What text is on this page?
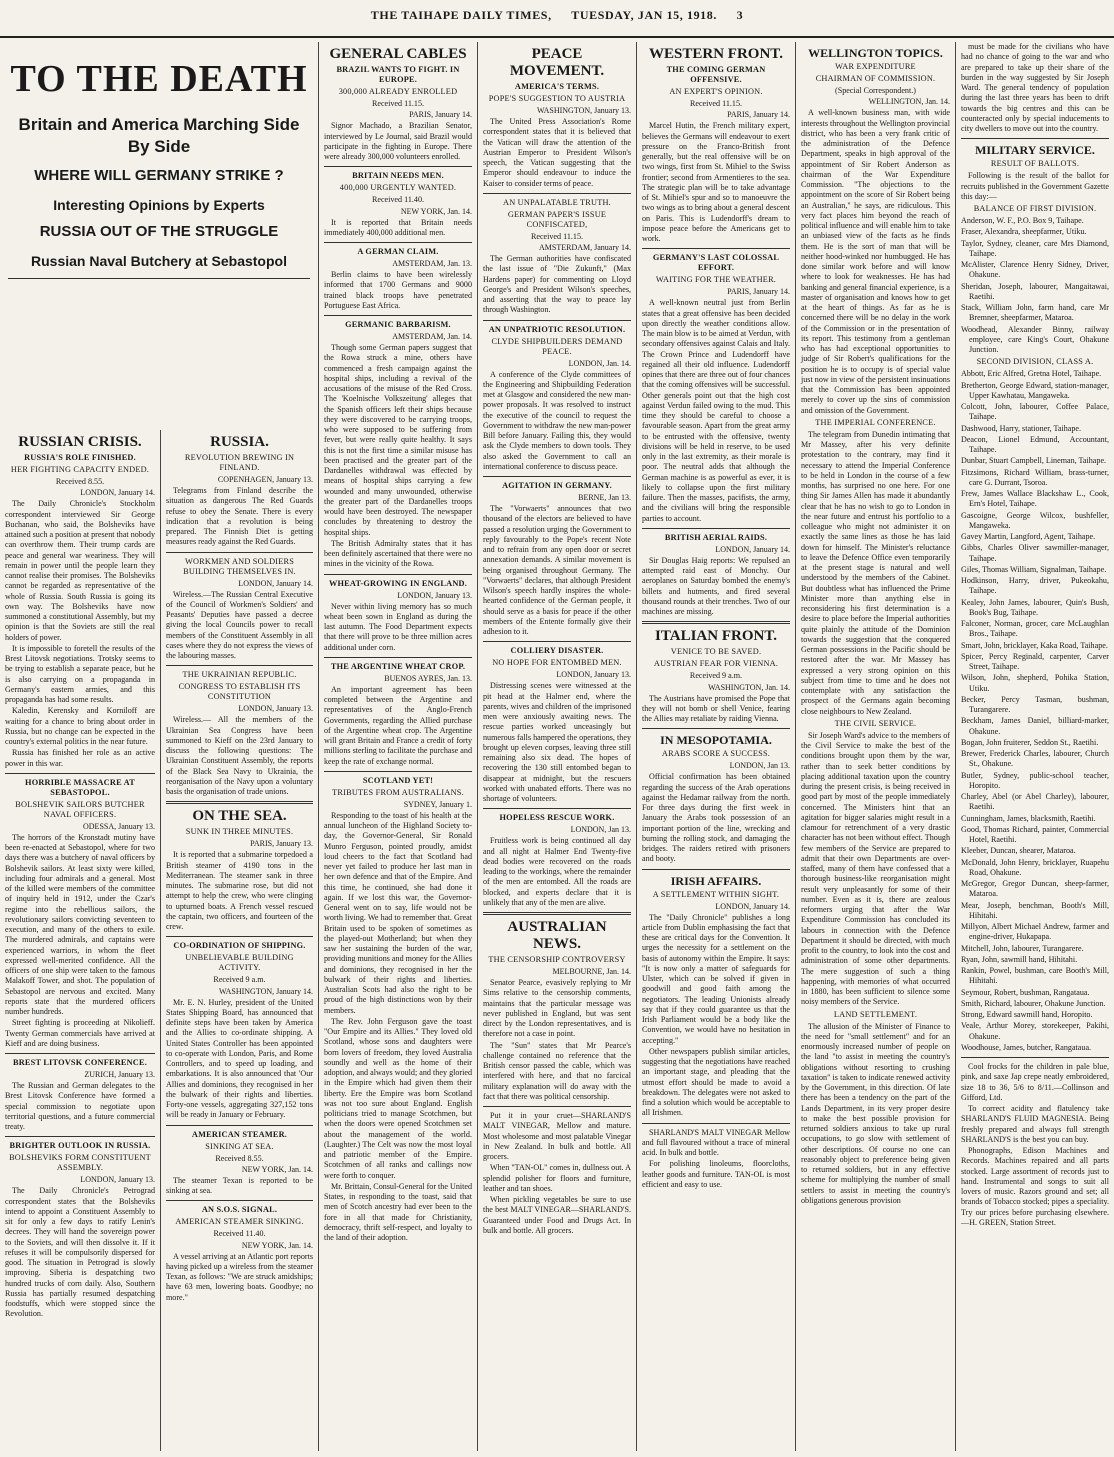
THE TAIHAPE DAILY TIMES, TUESDAY, JAN 15, 1918. 3
TO THE DEATH
Britain and America Marching Side By Side
WHERE WILL GERMANY STRIKE ?
Interesting Opinions by Experts
RUSSIA OUT OF THE STRUGGLE
Russian Naval Butchery at Sebastopol
RUSSIAN CRISIS.
RUSSIA'S ROLE FINISHED.
HER FIGHTING CAPACITY ENDED.
Received 8.55.
LONDON, January 14.

The Daily Chronicle's Stockholm correspondent interviewed Sir George Buchanan, who said, the Bolsheviks have attained such a position at present that nobody can overthrow them. Their trump cards are peace and general war weariness. They will remain in power until the people learn they cannot realise their promises. The Bolsheviks cannot be regarded as representative of the whole of Russia. South Russia is going its own way. The Bolsheviks have now summoned a constitutional Assembly, but my opinion is that the Soviets are still the real holders of power.

It is impossible to foretell the results of the Brest Litovsk negotiations. Trotsky seems to be trying to establish a separate peace, but he is also carrying on a propaganda in Germany's eastern armies, and this propaganda has had some results.

Kaledin, Kerensky and Korniloff are waiting for a chance to bring about order in Russia, but no change can be expected in the country's external politics in the near future.

Russia has finished her role as an active power in this war.

HORRIBLE MASSACRE AT SEBASTOPOL.
BOLSHEVIK SAILORS BUTCHER NAVAL OFFICERS.
ODESSA, January 13.

The horrors of the Kronstadt mutiny have been re-enacted at Sebastopol, where for two days there was a butchery of naval officers by Bolshevik sailors. At least sixty were killed, including four admirals and a general. Most of the killed were members of the committee of inquiry held in 1912, under the Czar's regime into the rebellious sailors, the revolutionary sailors convicting seventeen to execution, and many of the others to exile. The murdered admirals, and captains were experienced warriors, in whom the fleet expressed well-merited confidence. All the officers of one ship were taken to the famous Malakoff Tower, and shot. The population of Sebastopol are nervous and excited. Many reports state that the murdered officers number hundreds.

Street fighting is proceeding at Nikolieff. Twenty German commercials have arrived at Kieff and are doing business.

BREST LITOVSK CONFERENCE.
ZURICH, January 13.

The Russian and German delegates to the Brest Litovsk Conference have formed a special commission to negotiate upon territorial questions, and a future commercial treaty.

BRIGHTER OUTLOOK IN RUSSIA.
BOLSHEVIKS FORM CONSTITUENT ASSEMBLY.
LONDON, January 13.

The Daily Chronicle's Petrograd correspondent states that the Bolsheviks intend to appoint a Constituent Assembly to sit for only a few days to ratify Lenin's decrees. They will hand the sovereign power to the Soviets, and will then dissolve it. If it refuses it will be compulsorily dispersed for good. The situation in Petrograd is slowly improving. Siberia is despatching two hundred trucks of corn daily. Also, Southern Russia has partially resumed despatching foodstuffs, which were stopped since the Revolution.

RUSSIA.
REVOLUTION BREWING IN FINLAND.
COPENHAGEN, January 13.

Telegrams from Finland describe the situation as dangerous The Red Guards refuse to obey the Senate. There is every indication that a revolution is being prepared. The Finnish Diet is getting measures ready against the Red Guards.

WORKMEN AND SOLDIERS BUILDING THEMSELVES IN.
LONDON, January 14.

Wireless.—The Russian Central Executive of the Council of Workmen's Soldiers' and Peasants' Deputies have passed a decree giving the local Councils power to recall members of the Constituent Assembly in all cases where they do not express the views of the labouring masses.

THE UKRAINIAN REPUBLIC.
CONGRESS TO ESTABLISH ITS CONSTITUTION
LONDON, January 13.

Wireless.— All the members of the Ukrainian Sea Congress have been summoned to Kieff on the 23rd January to discuss the following questions: The Ukrainian Constituent Assembly, the reports of the Black Sea Navy to Ukrainia, the reorganisation of the Navy upon a voluntary basis the organisation of trade unions.

ON THE SEA.
SUNK IN THREE MINUTES.
PARIS, January 13.

It is reported that a submarine torpedoed a British steamer of 4190 tons in the Mediterranean. The steamer sank in three minutes. The submarine rose, but did not attempt to help the crew, who were clinging to upturned boats. A French vessel rescued the captain, two officers, and fourteen of the crew.

CO-ORDINATION OF SHIPPING.
UNBELIEVABLE BUILDING ACTIVITY.
Received 9 a.m.
WASHINGTON, January 14.

Mr. E. N. Hurley, president of the United States Shipping Board, has announced that definite steps have been taken by America and the Allies to co-ordinate shipping. A United States Controller has been appointed to co-operate with London, Paris, and Rome Controllers, and to speed up loading, and embarkations. It is also announced that 'Our Allies and dominions, they recognised in her the bulwark of their rights and liberties. Forty-one vessels, aggregating 327,152 tons will be ready in January or February.

AMERICAN STEAMER.
SINKING AT SEA.
Received 8.55.
NEW YORK, Jan. 14.

The steamer Texan is reported to be sinking at sea.

AN S.O.S. SIGNAL.
AMERICAN STEAMER SINKING.
Received 11.40.
NEW YORK, Jan. 14.

A vessel arriving at an Atlantic port reports having picked up a wireless from the steamer Texan, as follows: "We are struck amidships; have 63 men, lowering boats. Goodbye; no more."

GENERAL CABLES
BRAZIL WANTS TO FIGHT. IN EUROPE.
300,000 ALREADY ENROLLED
Received 11.15.
PARIS, January 14.

Signor Machado, a Brazilian Senator, interviewed by Le Journal, said Brazil would participate in the fighting in Europe. There were already 300,000 volunteers enrolled.

BRITAIN NEEDS MEN.
400,000 URGENTLY WANTED.
Received 11.40.
NEW YORK, Jan. 14.

It is reported that Britain needs immediately 400,000 additional men.

A GERMAN CLAIM.
AMSTERDAM, Jan. 13.

Berlin claims to have been wirelessly informed that 1700 Germans and 9000 trained black troops have penetrated Portuguese East Africa.

GERMANIC BARBARISM.
AMSTERDAM, Jan. 14.

Though some German papers suggest that the Rowa struck a mine, others have commenced a fresh campaign against the hospital ships, including a revival of the accusations of the misuse of the Red Cross. The 'Koelnische Volkszeitung' alleges that the Spanish officers left their ships because they were discovered to be carrying troops, who were supposed to be suffering from fever, but were really quite healthy. It says this is not the first time a similar misuse has been practised and the greater part of the Dardanelles withdrawal was effected by means of hospital ships carrying a few wounded and many unwounded, otherwise the greater part of the Dardanelles troops would have been destroyed. The newspaper concludes by threatening to destroy the hospital ships.

The British Admiralty states that it has been definitely ascertained that there were no mines in the vicinity of the Rowa.

WHEAT-GROWING IN ENGLAND.
LONDON, January 13.

Never within living memory has so much wheat been sown in England as during the last autumn. The Food Department expects that there will prove to be three million acres additional under corn.

THE ARGENTINE WHEAT CROP.
BUENOS AYRES, Jan. 13.

An important agreement has been completed between the Argentine and representatives of the Anglo-French Governments, regarding the Allied purchase of the Argentine wheat crop. The Argentine will grant Britain and France a credit of forty millions sterling to facilitate the purchase and keep the rate of exchange normal.

SCOTLAND YET!
TRIBUTES FROM AUSTRALIANS.
SYDNEY, January 1.

Responding to the toast of his health at the annual luncheon of the Highland Society to-day, the Governor-General, Sir Ronald Munro Ferguson, pointed proudly, amidst loud cheers to the fact that Scotland had never yet failed to produce her last man in her own defence and that of the Empire. And this time, he continued, she had done it again. If we lost this war, the Governor-General went on to say, life would not be worth living. We had to remember that. Great Britain used to be spoken of sometimes as the played-out Motherland; but when they saw her sustaining the burden of the war, providing munitions and money for the Allies and dominions, they recognised in her the bulwark of their rights and liberties. Australian Scots had also the right to be proud of the high distinctions won by their members.

The Rev. John Ferguson gave the toast "Our Empire and its Allies." They loved old Scotland, whose sons and daughters were born lovers of freedom, they loved Australia soundly and well as the home of their adoption, and always would; and they gloried in the Empire which had given them their liberty. Ere the Empire was born Scotland was not too sure about England. English politicians tried to manage Scotchmen, but when the doors were opened Scotchmen set about the management of the world. (Laughter.) The Celt was now the most loyal and patriotic member of the Empire. Scotchmen of all ranks and callings now were forth to conquer.

Mr. Brittain, Consul-General for the United States, in responding to the toast, said that men of Scotch ancestry had ever been to the fore in all that made for Christianity, democracy, thrift self-respect, and loyalty to the land of their adoption.

PEACE MOVEMENT.
AMERICA'S TERMS.
POPE'S SUGGESTION TO AUSTRIA
WASHINGTON, January 13.

The United Press Association's Rome correspondent states that it is believed that the Vatican will draw the attention of the Austrian Emperor to President Wilson's speech, the Vatican suggesting that the Emperor should endeavour to induce the Kaiser to consider terms of peace.

AN UNPALATABLE TRUTH.
GERMAN PAPER'S ISSUE CONFISCATED,
Received 11.15.
AMSTERDAM, January 14.

The German authorities have confiscated the last issue of "Die Zukunft," (Max Hardens paper) for commenting on Lloyd George's and President Wilson's speeches, and asserting that the way to peace lay through Washington.

AN UNPATRIOTIC RESOLUTION.
CLYDE SHIPBUILDERS DEMAND PEACE.
LONDON, Jan. 14.

A conference of the Clyde committees of the Engineering and Shipbuilding Federation met at Glasgow and considered the new man-power proposals. It was resolved to instruct the executive of the council to request the Government to withdraw the new man-power Bill before January. Failing this, they would ask the Clyde members to down tools. They also asked the Government to call an international conference to discuss peace.

AGITATION IN GERMANY.
BERNE, Jan 13.

The "Vorwaerts" announces that two thousand of the electors are believed to have passed a resolution urging the Government to reply favourably to the Pope's recent Note and to refrain from any open door or secret annexation demands. A similar movement is being organised throughout Germany. The "Vorwaerts" declares, that although President Wilson's speech hardly inspires the whole-hearted confidence of the German people, it should serve as a basis for peace if the other members of the Entente formally give their adhesion to it.

COLLIERY DISASTER.
NO HOPE FOR ENTOMBED MEN.
LONDON, January 13.

Distressing scenes were witnessed at the pit head at the Halmer end, where the parents, wives and children of the imprisoned men were anxiously awaiting news. The rescue parties worked unceasingly but numerous falls hampered the operations, they brought up eleven corpses, leaving three still remaining also six dead. The hopes of recovering the 130 still entombed began to disappear at midnight, but the rescuers worked with unabated efforts. There was no shortage of volunteers.

HOPELESS RESCUE WORK.
LONDON, Jan 13.

Fruitless work is being continued all day and all night at Halmer End Twenty-five dead bodies were recovered on the roads leading to the workings, where the remainder of the men are entombed. All the roads are blocked, and experts declare that it is unlikely that any of the men are alive.

AUSTRALIAN NEWS.
THE CENSORSHIP CONTROVERSY
MELBOURNE, Jan. 14.

Senator Pearce, evasively replying to Mr Sims relative to the censorship comments, maintains that the particular message was never published in England, but was sent direct by the London representatives, and is therefore not a case in point.

The "Sun" states that Mr Pearce's challenge contained no reference that the British censor passed the cable, which was interfered with here, and that no farcical military explanation will do away with the fact that there was political censorship.

Put it in your cruet—SHARLAND'S MALT VINEGAR, Mellow and mature. Most wholesome and most palatable Vinegar in New Zealand. In bulk and bottle. All grocers.

When "TAN-OL" comes in, dullness out. A splendid polisher for floors and furniture, leather and tan shoes.

When pickling vegetables be sure to use the best MALT VINEGAR—SHARLAND'S. Guaranteed under Food and Drugs Act. In bulk and bottle. All grocers.

WESTERN FRONT.
THE COMING GERMAN OFFENSIVE.
AN EXPERT'S OPINION.
Received 11.15.
PARIS, January 14.

Marcel Hutin, the French military expert, believes the Germans will endeavour to exert pressure on the Franco-British front generally, but the real offensive will be on two wings, first from St. Mihiel to the Swiss frontier; second from Armentieres to the sea. The strategic plan will be to take advantage of St. Mihiel's spur and so to manoeuvre the two wings as to bring about a general descent on Paris. This is Ludendorff's dream to impose peace before the Americans get to work.

GERMANY'S LAST COLOSSAL EFFORT.
WAITING FOR THE WEATHER.
PARIS, January 14.

A well-known neutral just from Berlin states that a great offensive has been decided upon directly the weather conditions allow. The main blow is to be aimed at Verdun, with secondary offensives against Calais and Italy. The Crown Prince and Ludendorff have regained all their old influence. Ludendorff opines that there are three out of four chances that the coming offensives will be successful. Other generals point out that the high cost against Verdun failed owing to the mud. This time they should be careful to choose a favourable season. Apart from the great army to be entrusted with the offensive, twenty divisions will be held in reserve, to be used only in the last extremity, as their morale is poor. The neutral adds that although the German machine is as powerful as ever, it is likely to collapse upon the first military failure. Then the masses, pacifists, the army, and the civilians will bring the responsible parties to account.

BRITISH AERIAL RAIDS.
LONDON, January 14.

Sir Douglas Haig reports: We repulsed an attempted raid east of Monchy. Our aeroplanes on Saturday bombed the enemy's billets and hutments, and fired several thousand rounds at their trenches. Two of our machines are missing.

ITALIAN FRONT.
VENICE TO BE SAVED.
AUSTRIAN FEAR FOR VIENNA.
Received 9 a.m.
WASHINGTON, Jan. 14.

The Austrians have promised the Pope that they will not bomb or shell Venice, fearing the Allies may retaliate by raiding Vienna.

IN MESOPOTAMIA.
ARABS SCORE A SUCCESS.
LONDON, Jan 13.

Official confirmation has been obtained regarding the success of the Arab operations against the Hedamar railway from the north. For three days during the first week in January the Arabs took possession of an important portion of the line, wrecking and burning the rolling stock, and damaging the bridges. The raiders retired with prisoners and booty.

IRISH AFFAIRS.
A SETTLEMENT WITHIN SIGHT.
LONDON, January 14.

The "Daily Chronicle" publishes a long article from Dublin emphasising the fact that these are critical days for the Convention. It urges the necessity for a settlement on the basis of autonomy within the Empire. It says: "It is now only a matter of safeguards for Ulster, which can be solved if given in goodwill and good faith among the negotiators. The leading Unionists already say that if they could guarantee us that the Irish Parliament would be a body like the Convention, we would have no hesitation in accepting."

Other newspapers publish similar articles, suggesting that the negotiations have reached an important stage, and pleading that the utmost effort should be made to avoid a breakdown. The delegates were not asked to find a solution which would be acceptable to all Irishmen.

SHARLAND'S MALT VINEGAR Mellow and full flavoured without a trace of mineral acid. In bulk and bottle.

For polishing linoleums, floorcloths, leather goods and furniture. TAN-OL is most efficient and easy to use.

WELLINGTON TOPICS.
WAR EXPENDITURE
CHAIRMAN OF COMMISSION.
(Special Correspondent.)
WELLINGTON, Jan. 14.

A well-known business man, with wide interests throughout the Wellington provincial district, who has been a very frank critic of the administration of the Defence Department, speaks in high approval of the appointment of Sir Robert Anderson as chairman of the War Expenditure Commission. "The objections to the appointment on the score of Sir Robert being an Australian," he says, are ridiculous. This very fact places him beyond the reach of political influence and will enable him to take an unbiased view of the facts as he finds them. He is the sort of man that will be neither hood-winked nor humbugged. He has done similar work before and will know where to look for weaknesses. He has had banking and general financial experience, is a master of organisation and knows how to get at the heart of things. As far as he is concerned there will be no delay in the work of the Commission or in the presentation of its report. This testimony from a gentleman who has had exceptional opportunities to judge of Sir Robert's qualifications for the position he is to occupy is of special value just now in view of the persistent insinuations that the Commission has been appointed merely to cover up the sins of commission and omission of the Government.

THE IMPERIAL CONFERENCE.

The telegram from Dunedin intimating that Mr Massey, after his very definite protestation to the contrary, may find it necessary to attend the Imperial Conference to be held in London in the course of a few months, has surprised no one here. For one thing Sir James Allen has made it abundantly clear that he has no wish to go to London in the near future and entrust his portfolio to a colleague who might not administer it on exactly the same lines as those he has laid down for himself. The Minister's reluctance to leave the Defence Office even temporarily at the present stage is natural and well understood by the members of the Cabinet. But doubtless what has influenced the Prime Minister more than anything else in reconsidering his first determination is a desire to place before the Imperial authorities quite plainly the attitude of the Dominion towards the suggestion that the conquered German possessions in the Pacific should be restored after the war. Mr Massey has expressed a very strong opinion on this subject from time to time and he does not contemplate with any satisfaction the prospect of the Germans again becoming close neighbours to New Zealand.

THE CIVIL SERVICE.

Sir Joseph Ward's advice to the members of the Civil Service to make the best of the conditions brought upon them by the war, rather than to seek better conditions by placing additional taxation upon the country during the present crisis, is being received in good part by most of the people immediately concerned. The Ministers hint that an agitation for bigger salaries might result in a clamour for retrenchment of a very drastic character has not been without effect. Though few members of the Service are prepared to admit that their own Departments are over-staffed, many of them have confessed that a thorough business-like reorganisation might result very unpleasantly for some of their number. Even as it is, there are zealous reformers urging that after the War Expenditure Commission has concluded its labours in connection with the Defence Department it should be directed, with much profit to the country, to look into the cost and administration of some other departments. The mere suggestion of such a thing happening, with memories of what occurred in 1880, has been sufficient to silence some noisy members of the Service.

LAND SETTLEMENT.

The allusion of the Minister of Finance to the need for "small settlement" and for an enormously increased number of people on the land "to assist in meeting the country's obligations without resorting to crushing taxation" is taken to indicate renewed activity by the Government, in this direction. Of late there has been a tendency on the part of the Lands Department, in its very proper desire to make the best possible provision for returned soldiers anxious to take up rural occupations, to go slow with settlement of other descriptions. Of course no one can reasonably object to preference being given to returned soldiers, but in any effective scheme for multiplying the number of small settlers to assist in meeting the country's obligations generous provision

must be made for the civilians who have had no chance of going to the war and who are prepared to take up their share of the burden in the way suggested by Sir Joseph Ward. The general tendency of population during the last three years has been to drift towards the big centres and this can be counteracted only by special inducements to city dwellers to move out into the country.

MILITARY SERVICE.
RESULT OF BALLOTS.

Following is the result of the ballot for recruits published in the Government Gazette this day:—

BALANCE OF FIRST DIVISION.

Anderson, W. F., P.O. Box 9, Taihape.

Fraser, Alexandra, sheepfarmer, Utiku.

Taylor, Sydney, cleaner, care Mrs Diamond, Taihape.

McAlister, Clarence Henry Sidney, Driver, Ohakune.

Sheridan, Joseph, labourer, Mangaitawai, Raetihi.

Stack, William John, farm hand, care Mr Bremner, sheepfarmer, Mataroa.

Woodhead, Alexander Binny, railway employee, care King's Court, Ohakune Junction.

SECOND DIVISION, CLASS A.

Abbott, Eric Alfred, Gretna Hotel, Taihape.

Bretherton, George Edward, station-manager, Upper Kawhatau, Mangaweka.

Colcott, John, labourer, Coffee Palace, Taihape.

Dashwood, Harry, stationer, Taihape.

Deacon, Lionel Edmund, Accountant, Taihape.

Dunbar, Stuart Campbell, Lineman, Taihape.

Fitzsimons, Richard William, brass-turner, care G. Durrant, Tsoroa.

Frew, James Wallace Blackshaw L., Cook, Ern's Hotel, Taihape.

Gascoigne, George Wilcox, bushfeller, Mangaweka.

Gavey Martin, Langford, Agent, Taihape.

Gibbs, Charles Oliver sawmiller-manager, Taihape.

Giles, Thomas William, Signalman, Taihape.

Hodkinson, Harry, driver, Pukeokahu, Taihape.

Kealey, John James, labourer, Quin's Bush, Book's Bug, Taihape.

Falconer, Norman, grocer, care McLaughlan Bros., Taihape.

Smart, John, bricklayer, Kaka Road, Taihape.

Spicer, Percy Reginald, carpenter, Carver Street, Taihape.

Wilson, John, shepherd, Pohika Station, Utiku.

Becker, Percy Tasman, bushman, Turangarere.

Beckham, James Daniel, billiard-marker, Ohakune.

Bogan, John fruiterer, Seddon St., Raetihi.

Brewer, Frederick Charles, labourer, Church St., Ohakune.

Butler, Sydney, public-school teacher, Horopito.

Charley, Abel (or Abel Charley), labourer, Raetihi.

Cunningham, James, blacksmith, Raetihi.

Good, Thomas Richard, painter, Commercial Hotel, Raetihi.

Kleeber, Duncan, shearer, Mataroa.

McDonald, John Henry, bricklayer, Ruapehu Road, Ohakune.

McGregor, Gregor Duncan, sheep-farmer, Mataroa.

Mear, Joseph, benchman, Booth's Mill, Hihitahi.

Millyon, Albert Michael Andrew, farmer and engine-driver, Hukapapa.

Mitchell, John, labourer, Turangarere.

Ryan, John, sawmill hand, Hihitahi.

Rankin, Powel, bushman, care Booth's Mill, Hihitahi.

Seymour, Robert, bushman, Rangataua.

Smith, Richard, labourer, Ohakune Junction.

Strong, Edward sawmill hand, Horopito.

Veale, Arthur Morey, storekeeper, Pakihi, Ohakune.

Woodhouse, James, butcher, Rangataua.

Cool frocks for the children in pale blue, pink, and saxe Jap crepe neatly embroidered, size 18 to 36, 5/6 to 8/11.—Collinson and Gifford, Ltd.

To correct acidity and flatulency take SHARLAND'S FLUID MAGNESIA. Being freshly prepared and always full strength SHARLAND'S is the best you can buy.

Phonographs, Edison Machines and Records. Machines repaired and all parts stocked. Large assortment of records just to hand. Instrumental and songs to suit all lovers of music. Razors ground and set; all brands of Tobacco stocked; pipes a speciality. Try our prices before purchasing elsewhere.—H. GREEN, Station Street.
